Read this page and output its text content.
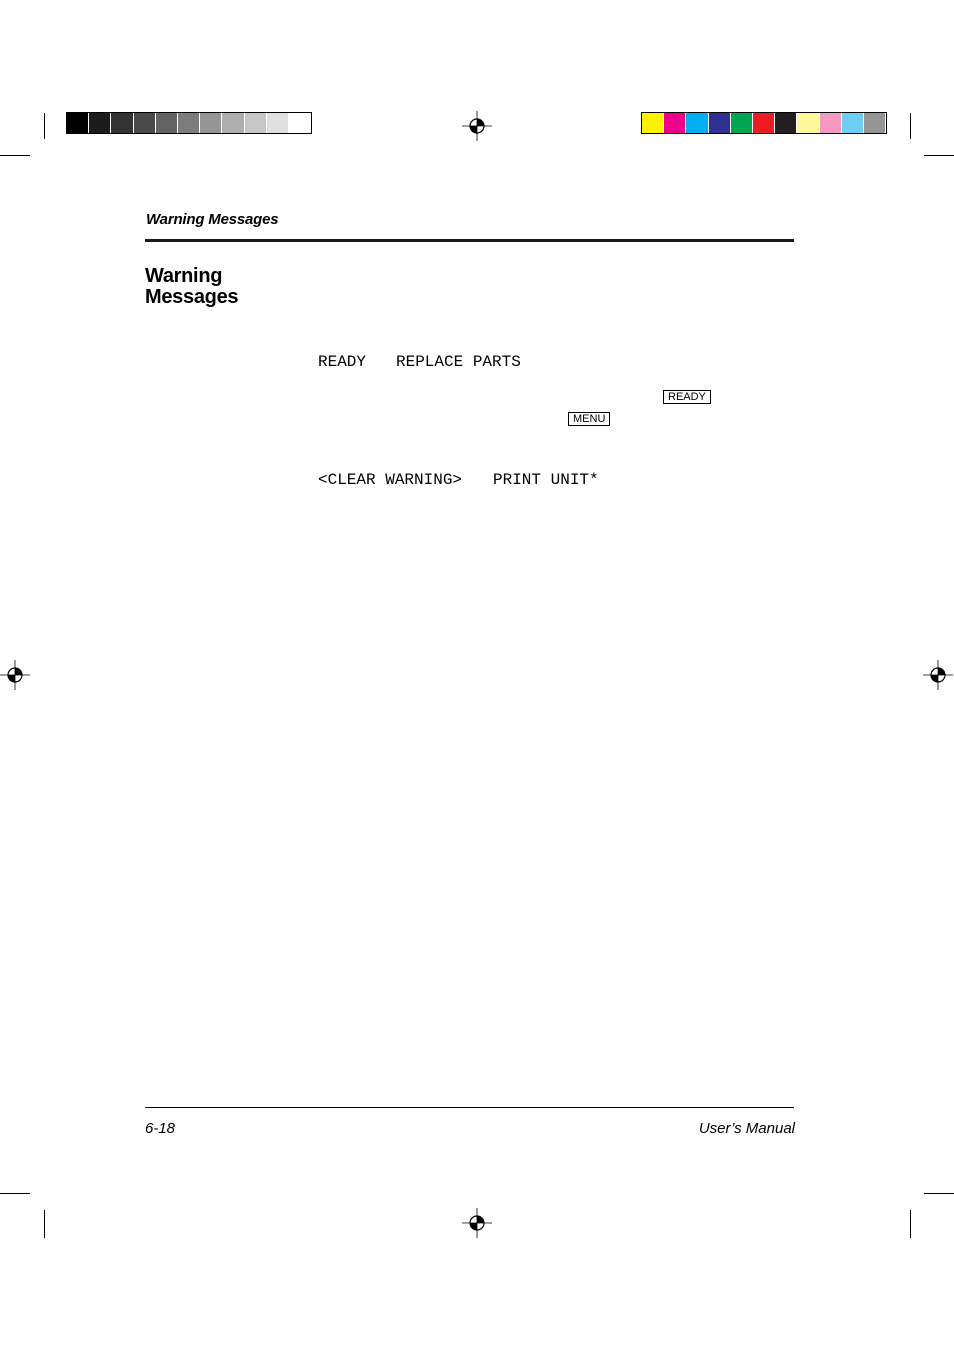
Warning Messages
Warning
Messages
READY REPLACE PARTS
READY
MENU
<CLEAR WARNING> PRINT UNIT*
6-18	User’s Manual
